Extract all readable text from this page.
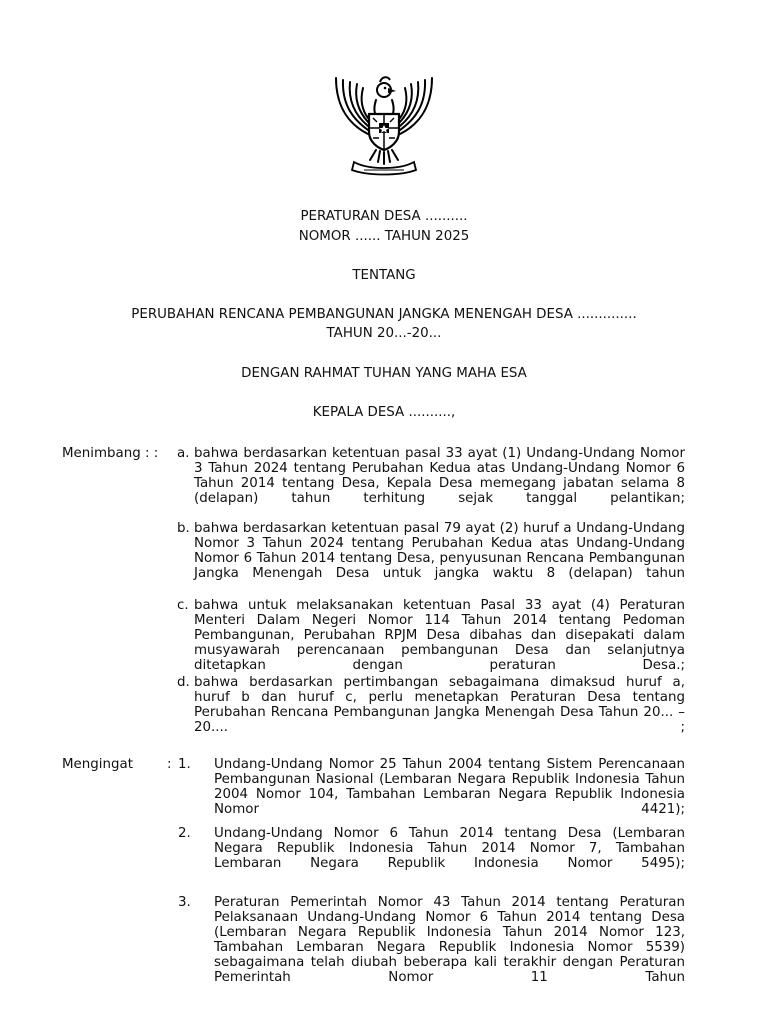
PERATURAN DESA ..........

NOMOR ...... TAHUN 2025

TENTANG

PERUBAHAN RENCANA PEMBANGUNAN JANGKA MENENGAH DESA ..............

TAHUN 20...-20...

DENGAN RAHMAT TUHAN YANG MAHA ESA

KEPALA DESA ..........,

Menimbang : : a. bahwa berdasarkan ketentuan pasal 33 ayat (1) Undang-Undang Nomor 3 Tahun 2024 tentang Perubahan Kedua atas Undang-Undang Nomor 6 Tahun 2014 tentang Desa, Kepala Desa memegang jabatan selama 8 (delapan) tahun terhitung sejak tanggal pelantikan;
b. bahwa berdasarkan ketentuan pasal 79 ayat (2) huruf a Undang-Undang Nomor 3 Tahun 2024 tentang Perubahan Kedua atas Undang-Undang Nomor 6 Tahun 2014 tentang Desa, penyusunan Rencana Pembangunan Jangka Menengah Desa untuk jangka waktu 8 (delapan) tahun
c. bahwa untuk melaksanakan ketentuan Pasal 33 ayat (4) Peraturan Menteri Dalam Negeri Nomor 114 Tahun 2014 tentang Pedoman Pembangunan, Perubahan RPJM Desa dibahas dan disepakati dalam musyawarah perencanaan pembangunan Desa dan selanjutnya ditetapkan dengan peraturan Desa.;
d. bahwa berdasarkan pertimbangan sebagaimana dimaksud huruf a, huruf b dan huruf c, perlu menetapkan Peraturan Desa tentang Perubahan Rencana Pembangunan Jangka Menengah Desa Tahun 20... – 20.... ;

Mengingat	: 1. Undang-Undang Nomor 25 Tahun 2004 tentang Sistem Perencanaan Pembangunan Nasional (Lembaran Negara Republik Indonesia Tahun 2004 Nomor 104, Tambahan Lembaran Negara Republik Indonesia Nomor 4421);
2. Undang-Undang Nomor 6 Tahun 2014 tentang Desa (Lembaran Negara Republik Indonesia Tahun 2014 Nomor 7, Tambahan Lembaran Negara Republik Indonesia Nomor 5495);
3. Peraturan Pemerintah Nomor 43 Tahun 2014 tentang Peraturan Pelaksanaan Undang-Undang Nomor 6 Tahun 2014 tentang Desa (Lembaran Negara Republik Indonesia Tahun 2014 Nomor 123, Tambahan Lembaran Negara Republik Indonesia Nomor 5539) sebagaimana telah diubah beberapa kali terakhir dengan Peraturan Pemerintah Nomor 11 Tahun
